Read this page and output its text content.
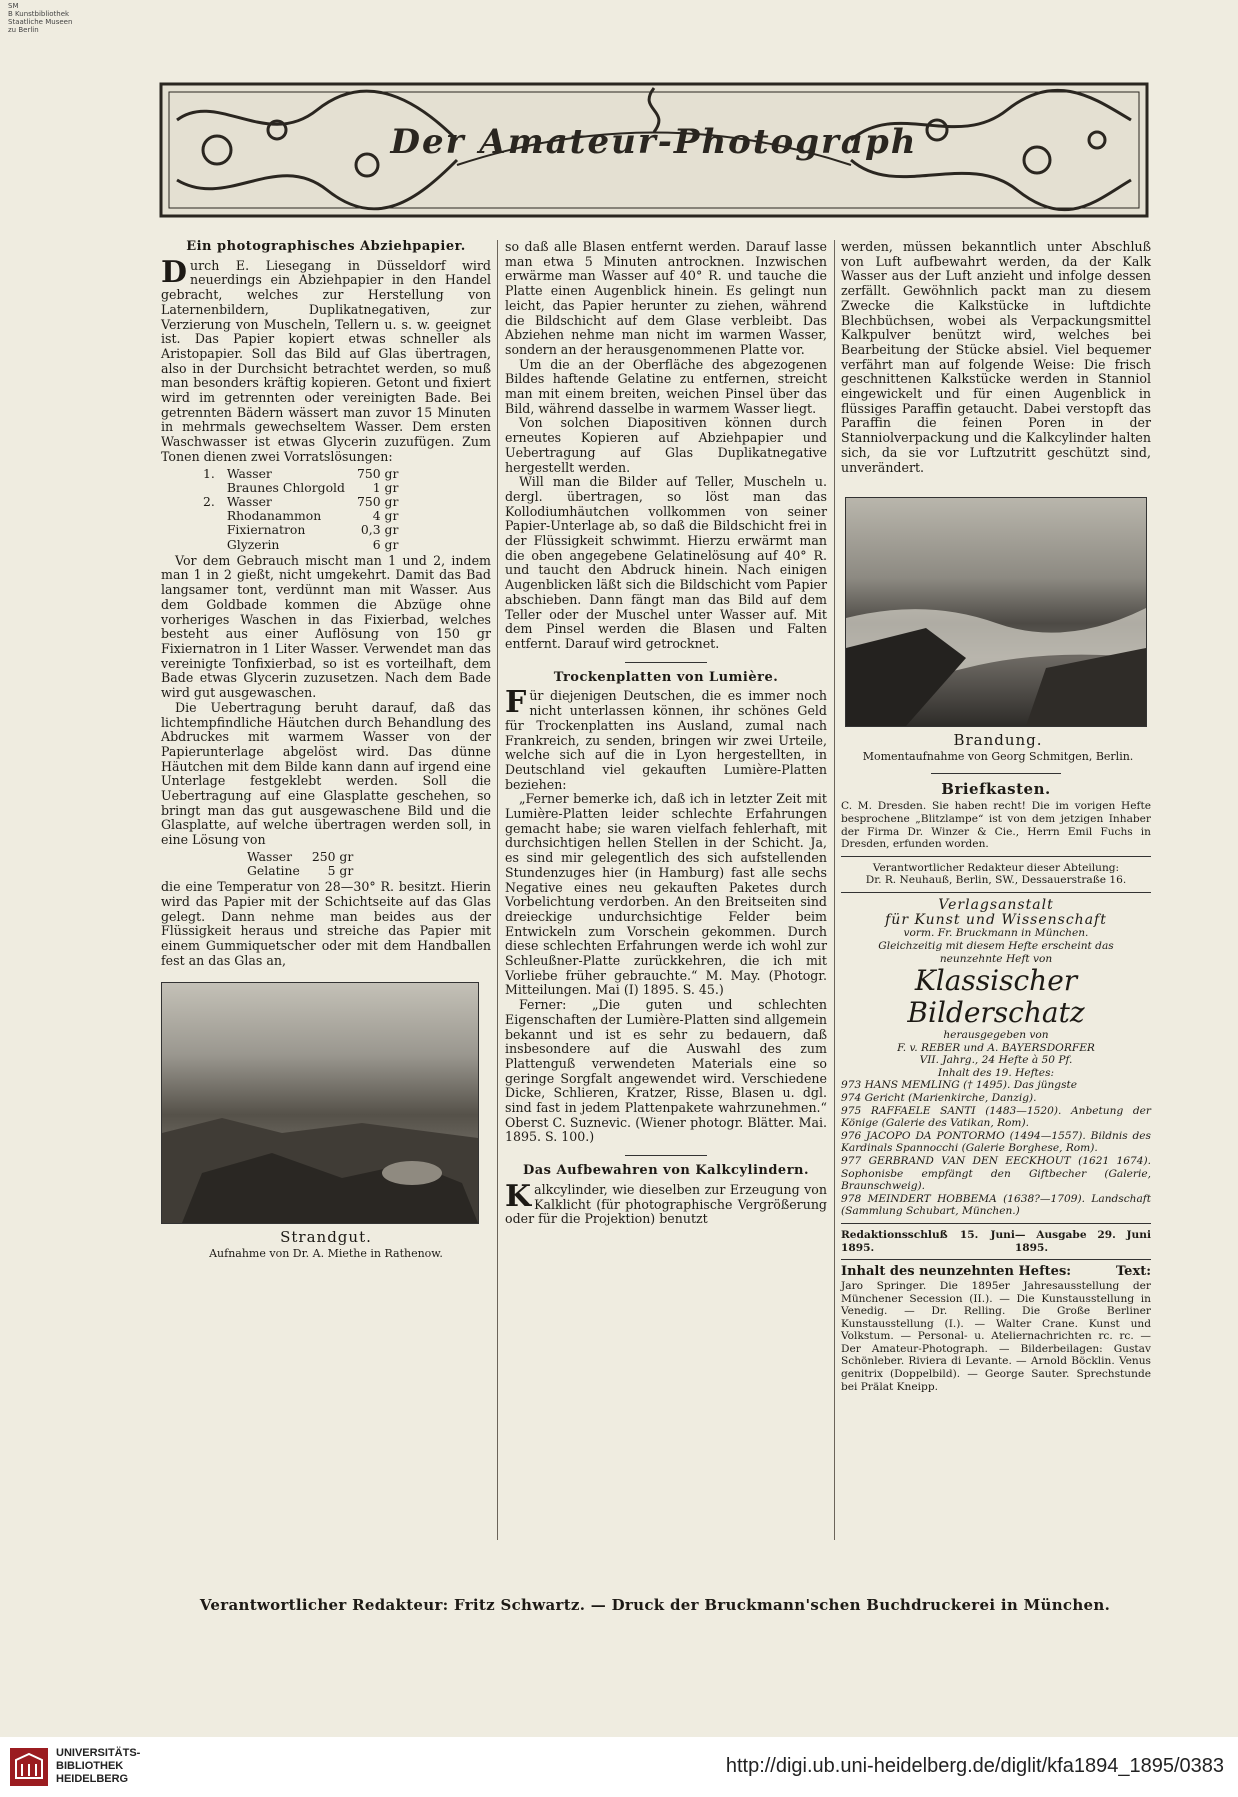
SM
B Kunstbibliothek
Staatliche Museen
zu Berlin
Der Amateur-Photograph
Ein photographisches Abziehpapier.

Durch E. Liesegang in Düsseldorf wird neuerdings ein Abziehpapier in den Handel gebracht, welches zur Herstellung von Laternenbildern, Duplikatnegativen, zur Verzierung von Muscheln, Tellern u. s. w. geeignet ist. Das Papier kopiert etwas schneller als Aristopapier. Soll das Bild auf Glas übertragen, also in der Durchsicht betrachtet werden, so muß man besonders kräftig kopieren. Getont und fixiert wird im getrennten oder vereinigten Bade. Bei getrennten Bädern wässert man zuvor 15 Minuten in mehrmals gewechseltem Wasser. Dem ersten Waschwasser ist etwas Glycerin zuzufügen. Zum Tonen dienen zwei Vorratslösungen:

1.	Wasser	750 gr
	Braunes Chlorgold	1 gr
2.	Wasser	750 gr
	Rhodanammon	4 gr
	Fixiernatron	0,3 gr
	Glyzerin	6 gr

Vor dem Gebrauch mischt man 1 und 2, indem man 1 in 2 gießt, nicht umgekehrt. Damit das Bad langsamer tont, verdünnt man mit Wasser. Aus dem Goldbade kommen die Abzüge ohne vorheriges Waschen in das Fixierbad, welches besteht aus einer Auflösung von 150 gr Fixiernatron in 1 Liter Wasser. Verwendet man das vereinigte Tonfixierbad, so ist es vorteilhaft, dem Bade etwas Glycerin zuzusetzen. Nach dem Bade wird gut ausgewaschen.

Die Uebertragung beruht darauf, daß das lichtempfindliche Häutchen durch Behandlung des Abdruckes mit warmem Wasser von der Papierunterlage abgelöst wird. Das dünne Häutchen mit dem Bilde kann dann auf irgend eine Unterlage festgeklebt werden. Soll die Uebertragung auf eine Glasplatte geschehen, so bringt man das gut ausgewaschene Bild und die Glasplatte, auf welche übertragen werden soll, in eine Lösung von

Wasser	250 gr
Gelatine	5 gr

die eine Temperatur von 28—30° R. besitzt. Hierin wird das Papier mit der Schichtseite auf das Glas gelegt. Dann nehme man beides aus der Flüssigkeit heraus und streiche das Papier mit einem Gummiquetscher oder mit dem Handballen fest an das Glas an,

Strandgut.
Aufnahme von Dr. A. Miethe in Rathenow.

so daß alle Blasen entfernt werden. Darauf lasse man etwa 5 Minuten antrocknen. Inzwischen erwärme man Wasser auf 40° R. und tauche die Platte einen Augenblick hinein. Es gelingt nun leicht, das Papier herunter zu ziehen, während die Bildschicht auf dem Glase verbleibt. Das Abziehen nehme man nicht im warmen Wasser, sondern an der herausgenommenen Platte vor.

Um die an der Oberfläche des abgezogenen Bildes haftende Gelatine zu entfernen, streicht man mit einem breiten, weichen Pinsel über das Bild, während dasselbe in warmem Wasser liegt.

Von solchen Diapositiven können durch erneutes Kopieren auf Abziehpapier und Uebertragung auf Glas Duplikatnegative hergestellt werden.

Will man die Bilder auf Teller, Muscheln u. dergl. übertragen, so löst man das Kollodiumhäutchen vollkommen von seiner Papier-Unterlage ab, so daß die Bildschicht frei in der Flüssigkeit schwimmt. Hierzu erwärmt man die oben angegebene Gelatinelösung auf 40° R. und taucht den Abdruck hinein. Nach einigen Augenblicken läßt sich die Bildschicht vom Papier abschieben. Dann fängt man das Bild auf dem Teller oder der Muschel unter Wasser auf. Mit dem Pinsel werden die Blasen und Falten entfernt. Darauf wird getrocknet.

Trockenplatten von Lumière.

Für diejenigen Deutschen, die es immer noch nicht unterlassen können, ihr schönes Geld für Trockenplatten ins Ausland, zumal nach Frankreich, zu senden, bringen wir zwei Urteile, welche sich auf die in Lyon hergestellten, in Deutschland viel gekauften Lumière-Platten beziehen:

„Ferner bemerke ich, daß ich in letzter Zeit mit Lumière-Platten leider schlechte Erfahrungen gemacht habe; sie waren vielfach fehlerhaft, mit durchsichtigen hellen Stellen in der Schicht. Ja, es sind mir gelegentlich des sich aufstellenden Stundenzuges hier (in Hamburg) fast alle sechs Negative eines neu gekauften Paketes durch Vorbelichtung verdorben. An den Breitseiten sind dreieckige undurchsichtige Felder beim Entwickeln zum Vorschein gekommen. Durch diese schlechten Erfahrungen werde ich wohl zur Schleußner-Platte zurückkehren, die ich mit Vorliebe früher gebrauchte.“ M. May. (Photogr. Mitteilungen. Mai (I) 1895. S. 45.)

Ferner: „Die guten und schlechten Eigenschaften der Lumière-Platten sind allgemein bekannt und ist es sehr zu bedauern, daß insbesondere auf die Auswahl des zum Plattenguß verwendeten Materials eine so geringe Sorgfalt angewendet wird. Verschiedene Dicke, Schlieren, Kratzer, Risse, Blasen u. dgl. sind fast in jedem Plattenpakete wahrzunehmen.“ Oberst C. Suznevic. (Wiener photogr. Blätter. Mai. 1895. S. 100.)

Das Aufbewahren von Kalkcylindern.

Kalkcylinder, wie dieselben zur Erzeugung von Kalklicht (für photographische Vergrößerung oder für die Projektion) benutzt

werden, müssen bekanntlich unter Abschluß von Luft aufbewahrt werden, da der Kalk Wasser aus der Luft anzieht und infolge dessen zerfällt. Gewöhnlich packt man zu diesem Zwecke die Kalkstücke in luftdichte Blechbüchsen, wobei als Verpackungsmittel Kalkpulver benützt wird, welches bei Bearbeitung der Stücke absiel. Viel bequemer verfährt man auf folgende Weise: Die frisch geschnittenen Kalkstücke werden in Stanniol eingewickelt und für einen Augenblick in flüssiges Paraffin getaucht. Dabei verstopft das Paraffin die feinen Poren in der Stanniolverpackung und die Kalkcylinder halten sich, da sie vor Luftzutritt geschützt sind, unverändert.

Brandung.
Momentaufnahme von Georg Schmitgen, Berlin.
Briefkasten.

C. M. Dresden. Sie haben recht! Die im vorigen Hefte besprochene „Blitzlampe“ ist von dem jetzigen Inhaber der Firma Dr. Winzer & Cie., Herrn Emil Fuchs in Dresden, erfunden worden.

Verantwortlicher Redakteur dieser Abteilung:
Dr. R. Neuhauß, Berlin, SW., Dessauerstraße 16.
Verlagsanstalt
für Kunst und Wissenschaft
vorm. Fr. Bruckmann in München.
Gleichzeitig mit diesem Hefte erscheint das
neunzehnte Heft von
Klassischer Bilderschatz
herausgegeben von
F. v. REBER und A. BAYERSDORFER
VII. Jahrg., 24 Hefte à 50 Pf.
Inhalt des 19. Heftes:
973 HANS MEMLING († 1495). Das jüngste
974 Gericht (Marienkirche, Danzig).
975 RAFFAELE SANTI (1483—1520). Anbetung der Könige (Galerie des Vatikan, Rom).
976 JACOPO DA PONTORMO (1494—1557). Bildnis des Kardinals Spannocchi (Galerie Borghese, Rom).
977 GERBRAND VAN DEN EECKHOUT (1621 1674). Sophonisbe empfängt den Giftbecher (Galerie, Braunschweig).
978 MEINDERT HOBBEMA (1638?—1709). Landschaft (Sammlung Schubart, München.)
Redaktionsschluß 15. Juni 1895.
— Ausgabe 29. Juni 1895.
Inhalt des neunzehnten Heftes:	Text:

Jaro Springer. Die 1895er Jahresausstellung der Münchener Secession (II.). — Die Kunstausstellung in Venedig. — Dr. Relling. Die Große Berliner Kunstausstellung (I.). — Walter Crane. Kunst und Volkstum. — Personal- u. Ateliernachrichten rc. rc. — Der Amateur-Photograph. — Bilderbeilagen: Gustav Schönleber. Riviera di Levante. — Arnold Böcklin. Venus genitrix (Doppelbild). — George Sauter. Sprechstunde bei Prälat Kneipp.

Verantwortlicher Redakteur: Fritz Schwartz. — Druck der Bruckmann'schen Buchdruckerei in München.
UNIVERSITÄTS-
BIBLIOTHEK
HEIDELBERG
http://digi.ub.uni-heidelberg.de/diglit/kfa1894_1895/0383
